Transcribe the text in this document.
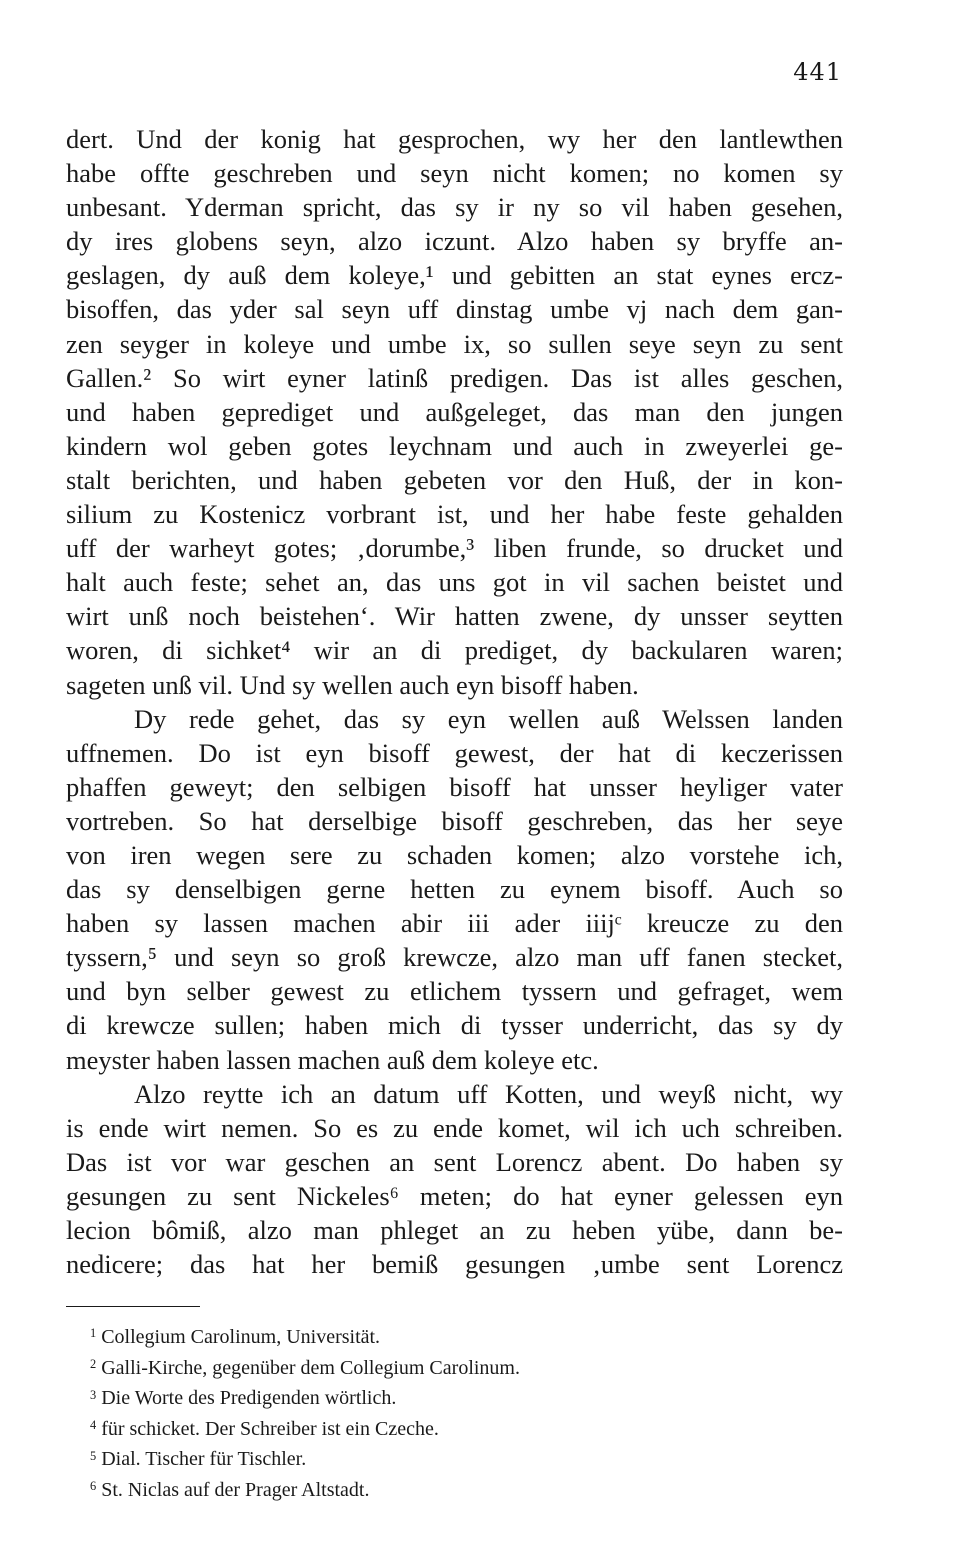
441
dert. Und der konig hat gesprochen, wy her den lantlewthen
habe offte geschreben und seyn nicht komen; no komen sy
unbesant. Yderman spricht, das sy ir ny so vil haben gesehen,
dy ires globens seyn, alzo iczunt. Alzo haben sy bryffe an-
geslagen, dy auß dem koleye,¹ und gebitten an stat eynes ercz-
bisoffen, das yder sal seyn uff dinstag umbe vj nach dem gan-
zen seyger in koleye und umbe ix, so sullen seye seyn zu sent
Gallen.² So wirt eyner latinß predigen. Das ist alles geschen,
und haben geprediget und außgeleget, das man den jungen
kindern wol geben gotes leychnam und auch in zweyerlei ge-
stalt berichten, und haben gebeten vor den Huß, der in kon-
silium zu Kostenicz vorbrant ist, und her habe feste gehalden
uff der warheyt gotes; ‚dorumbe,³ liben frunde, so drucket und
halt auch feste; sehet an, das uns got in vil sachen beistet und
wirt unß noch beistehen‘. Wir hatten zwene, dy unsser seytten
woren, di sichket⁴ wir an di prediget, dy backularen waren;
sageten unß vil. Und sy wellen auch eyn bisoff haben.
Dy rede gehet, das sy eyn wellen auß Welssen landen
uffnemen. Do ist eyn bisoff gewest, der hat di keczerissen
phaffen geweyt; den selbigen bisoff hat unsser heyliger vater
vortreben. So hat derselbige bisoff geschreben, das her seye
von iren wegen sere zu schaden komen; alzo vorstehe ich,
das sy denselbigen gerne hetten zu eynem bisoff. Auch so
haben sy lassen machen abir iii ader iiijᶜ kreucze zu den
tyssern,⁵ und seyn so groß krewcze, alzo man uff fanen stecket,
und byn selber gewest zu etlichem tyssern und gefraget, wem
di krewcze sullen; haben mich di tysser underricht, das sy dy
meyster haben lassen machen auß dem koleye etc.
Alzo reytte ich an datum uff Kotten, und weyß nicht, wy
is ende wirt nemen. So es zu ende komet, wil ich uch schreiben.
Das ist vor war geschen an sent Lorencz abent. Do haben sy
gesungen zu sent Nickeles⁶ meten; do hat eyner gelessen eyn
lecion bômiß, alzo man phleget an zu heben yübe, dann be-
nedicere; das hat her bemiß gesungen ‚umbe sent Lorencz
$^1$ Collegium Carolinum, Universität.
$^2$ Galli-Kirche, gegenüber dem Collegium Carolinum.
$^3$ Die Worte des Predigenden wörtlich.
$^4$ für schicket. Der Schreiber ist ein Czeche.
$^5$ Dial. Tischer für Tischler.
$^6$ St. Niclas auf der Prager Altstadt.
